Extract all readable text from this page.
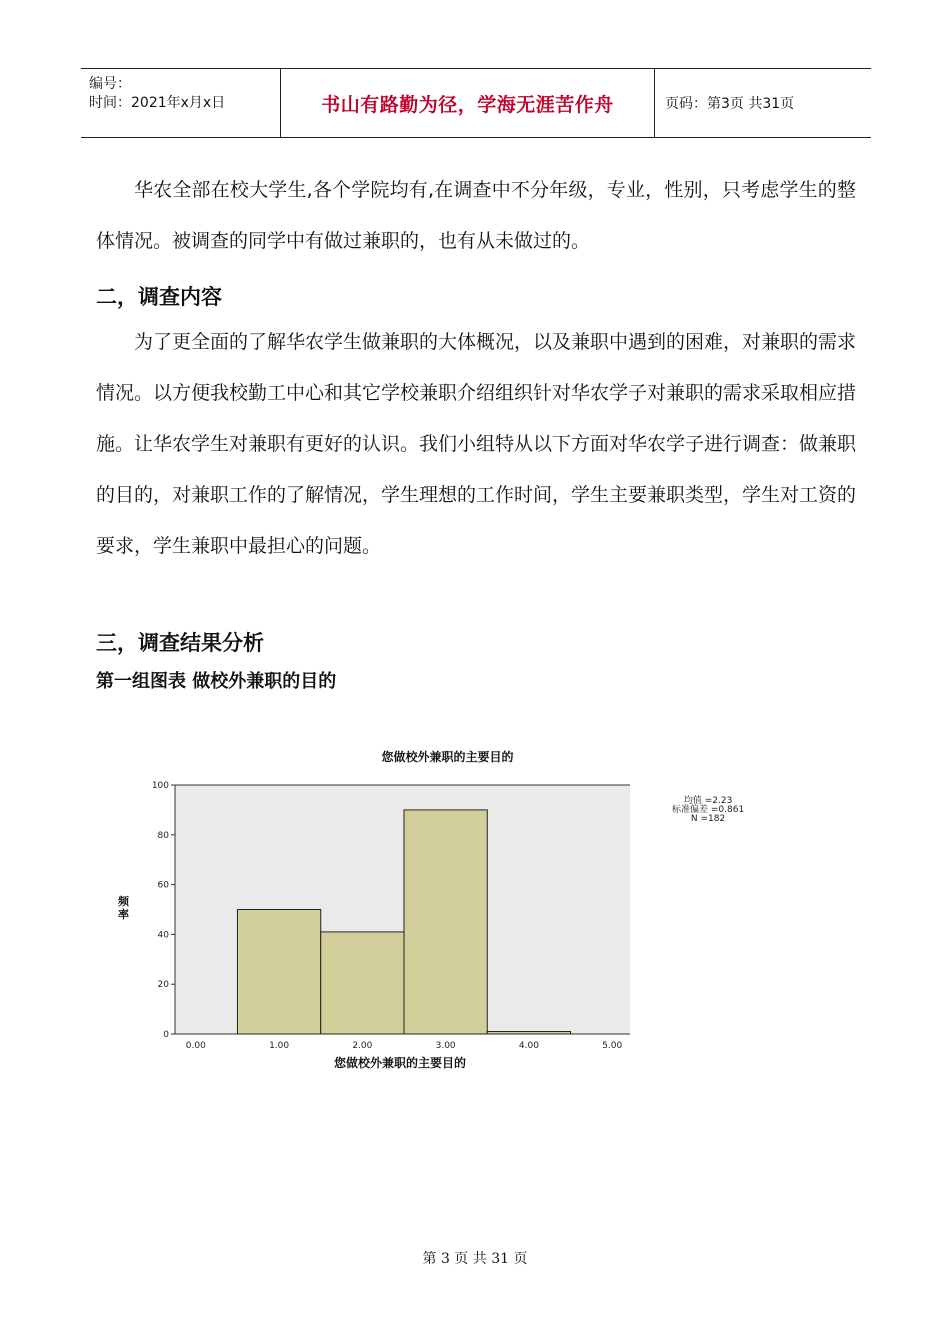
编号：
时间：2021年x月x日	书山有路勤为径，学海无涯苦作舟	页码：第3页 共31页

华农全部在校大学生,各个学院均有,在调查中不分年级，专业，性别，只考虑学生的整体情况。被调查的同学中有做过兼职的，也有从未做过的。

二，调查内容

为了更全面的了解华农学生做兼职的大体概况，以及兼职中遇到的困难，对兼职的需求情况。以方便我校勤工中心和其它学校兼职介绍组织针对华农学子对兼职的需求采取相应措施。让华农学生对兼职有更好的认识。我们小组特从以下方面对华农学子进行调查：做兼职的目的，对兼职工作的了解情况，学生理想的工作时间，学生主要兼职类型，学生对工资的要求，学生兼职中最担心的问题。

三，调查结果分析

第一组图表 做校外兼职的目的

您做校外兼职的主要目的
0
20
40
60
80
100
0.00	1.00	2.00	3.00	4.00	5.00
均值 =2.23
标准偏差 =0.861
N =182
频率
您做校外兼职的主要目的
第 3 页 共 31 页
